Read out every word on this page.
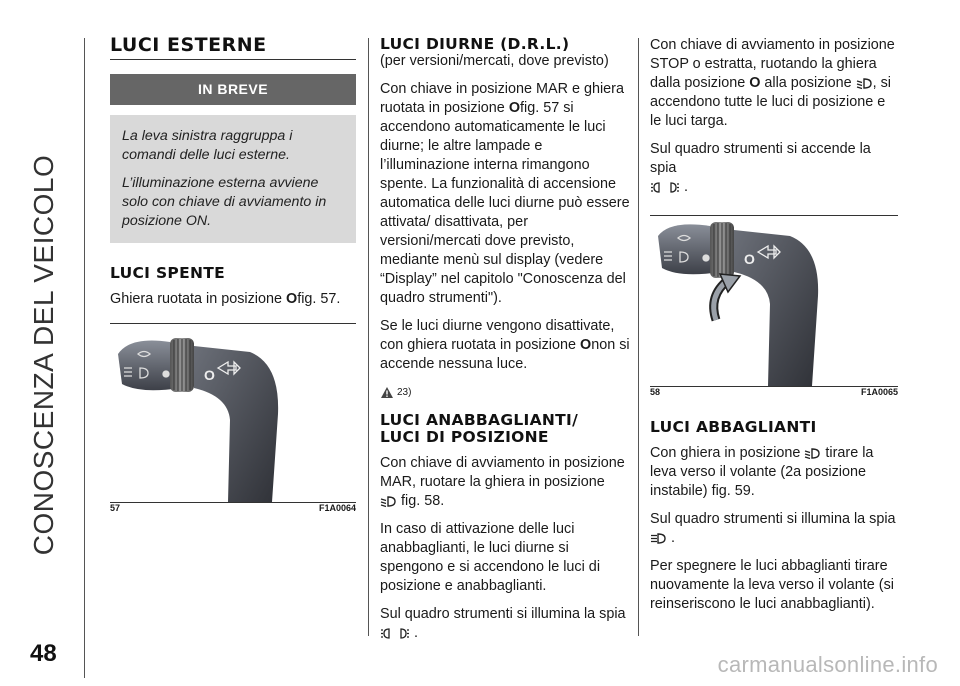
CONOSCENZA DEL VEICOLO
48
LUCI ESTERNE
IN BREVE

La leva sinistra raggruppa i comandi delle luci esterne.

L’illuminazione esterna avviene solo con chiave di avviamento in posizione ON.

LUCI SPENTE

Ghiera ruotata in posizione Ofig. 57.

O
57	F1A0064
LUCI DIURNE (D.R.L.)

(per versioni/mercati, dove previsto)

Con chiave in posizione MAR e ghiera ruotata in posizione Ofig. 57 si accendono automaticamente le luci diurne; le altre lampade e l’illuminazione interna rimangono spente. La funzionalità di accensione automatica delle luci diurne può essere attivata/ disattivata, per versioni/mercati dove previsto, mediante menù sul display (vedere “Display” nel capitolo "Conoscenza del quadro strumenti").

Se le luci diurne vengono disattivate, con ghiera ruotata in posizione Onon si accende nessuna luce.

23)
LUCI ANABBAGLIANTI/
LUCI DI POSIZIONE

Con chiave di avviamento in posizione MAR, ruotare la ghiera in posizione
fig. 58.

In caso di attivazione delle luci anabbaglianti, le luci diurne si spengono e si accendono le luci di posizione e anabbaglianti.

Sul quadro strumenti si illumina la spia
.

Con chiave di avviamento in posizione STOP o estratta, ruotando la ghiera dalla posizione O alla posizione , si accendono tutte le luci di posizione e le luci targa.

Sul quadro strumenti si accende la spia
.

O
58	F1A0065
LUCI ABBAGLIANTI

Con ghiera in posizione  tirare la leva verso il volante (2a posizione instabile) fig. 59.

Sul quadro strumenti si illumina la spia
.

Per spegnere le luci abbaglianti tirare nuovamente la leva verso il volante (si reinseriscono le luci anabbaglianti).

carmanualsonline.info
